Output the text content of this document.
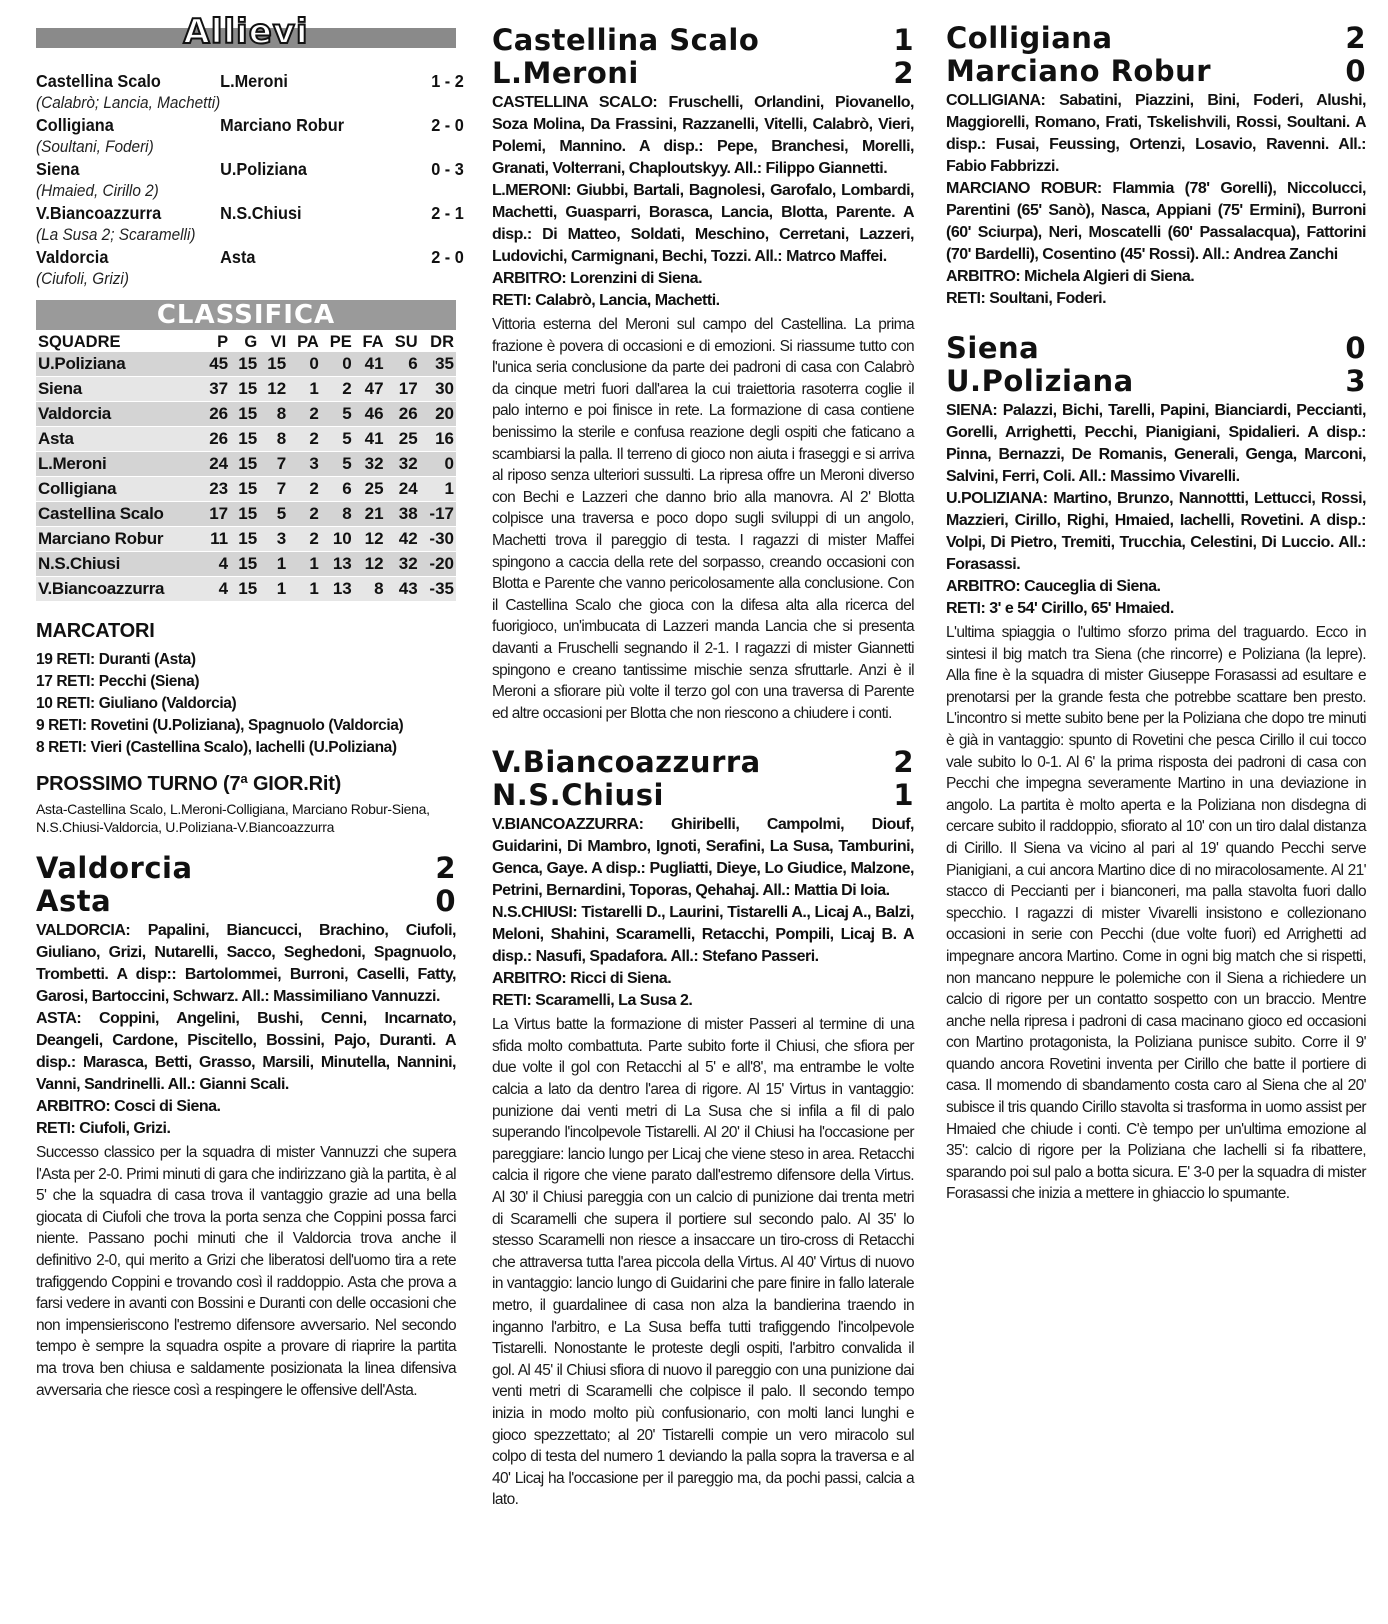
Allievi
Castellina Scalo	L.Meroni	1 - 2
(Calabrò; Lancia, Machetti)
Colligiana	Marciano Robur	2 - 0
(Soultani, Foderi)
Siena	U.Poliziana	0 - 3
(Hmaied, Cirillo 2)
V.Biancoazzurra	N.S.Chiusi	2 - 1
(La Susa 2; Scaramelli)
Valdorcia	Asta	2 - 0
(Ciufoli, Grizi)
CLASSIFICA
SQUADRE	P	G	VI	PA	PE	FA	SU	DR
U.Poliziana	45	15	15	0	0	41	6	35
Siena	37	15	12	1	2	47	17	30
Valdorcia	26	15	8	2	5	46	26	20
Asta	26	15	8	2	5	41	25	16
L.Meroni	24	15	7	3	5	32	32	0
Colligiana	23	15	7	2	6	25	24	1
Castellina Scalo	17	15	5	2	8	21	38	-17
Marciano Robur	11	15	3	2	10	12	42	-30
N.S.Chiusi	4	15	1	1	13	12	32	-20
V.Biancoazzurra	4	15	1	1	13	8	43	-35
MARCATORI
19 RETI: Duranti (Asta)
17 RETI: Pecchi (Siena)
10 RETI: Giuliano (Valdorcia)
9 RETI: Rovetini (U.Poliziana), Spagnuolo (Valdorcia)
8 RETI: Vieri (Castellina Scalo), Iachelli (U.Poliziana)
PROSSIMO TURNO (7ª GIOR.Rit)
Asta-Castellina Scalo, L.Meroni-Colligiana, Marciano Robur-Siena, N.S.Chiusi-Valdorcia, U.Poliziana-V.Biancoazzurra
Valdorcia	2
Asta	0

VALDORCIA: Papalini, Biancucci, Brachino, Ciufoli, Giuliano, Grizi, Nutarelli, Sacco, Seghedoni, Spagnuolo, Trombetti. A disp:: Bartolommei, Burroni, Caselli, Fatty, Garosi, Bartoccini, Schwarz. All.: Massimiliano Vannuzzi.

ASTA: Coppini, Angelini, Bushi, Cenni, Incarnato, Deangeli, Cardone, Piscitello, Bossini, Pajo, Duranti. A disp.: Marasca, Betti, Grasso, Marsili, Minutella, Nannini, Vanni, Sandrinelli. All.: Gianni Scali.

ARBITRO: Cosci di Siena.

RETI: Ciufoli, Grizi.

Successo classico per la squadra di mister Vannuzzi che supera l'Asta per 2-0. Primi minuti di gara che indirizzano già la partita, è al 5' che la squadra di casa trova il vantaggio grazie ad una bella giocata di Ciufoli che trova la porta senza che Coppini possa farci niente. Passano pochi minuti che il Valdorcia trova anche il definitivo 2-0, qui merito a Grizi che liberatosi dell'uomo tira a rete trafiggendo Coppini e trovando così il raddoppio. Asta che prova a farsi vedere in avanti con Bossini e Duranti con delle occasioni che non impensieriscono l'estremo difensore avversario. Nel secondo tempo è sempre la squadra ospite a provare di riaprire la partita ma trova ben chiusa e saldamente posizionata la linea difensiva avversaria che riesce così a respingere le offensive dell'Asta.
Castellina Scalo	1
L.Meroni	2

CASTELLINA SCALO: Fruschelli, Orlandini, Piovanello, Soza Molina, Da Frassini, Razzanelli, Vitelli, Calabrò, Vieri, Polemi, Mannino. A disp.: Pepe, Branchesi, Morelli, Granati, Volterrani, Chaploutskyy. All.: Filippo Giannetti.

L.MERONI: Giubbi, Bartali, Bagnolesi, Garofalo, Lombardi, Machetti, Guasparri, Borasca, Lancia, Blotta, Parente. A disp.: Di Matteo, Soldati, Meschino, Cerretani, Lazzeri, Ludovichi, Carmignani, Bechi, Tozzi. All.: Matrco Maffei.

ARBITRO: Lorenzini di Siena.

RETI: Calabrò, Lancia, Machetti.

Vittoria esterna del Meroni sul campo del Castellina. La prima frazione è povera di occasioni e di emozioni. Si riassume tutto con l'unica seria conclusione da parte dei padroni di casa con Calabrò da cinque metri fuori dall'area la cui traiettoria rasoterra coglie il palo interno e poi finisce in rete. La formazione di casa contiene benissimo la sterile e confusa reazione degli ospiti che faticano a scambiarsi la palla. Il terreno di gioco non aiuta i fraseggi e si arriva al riposo senza ulteriori sussulti. La ripresa offre un Meroni diverso con Bechi e Lazzeri che danno brio alla manovra. Al 2' Blotta colpisce una traversa e poco dopo sugli sviluppi di un angolo, Machetti trova il pareggio di testa. I ragazzi di mister Maffei spingono a caccia della rete del sorpasso, creando occasioni con Blotta e Parente che vanno pericolosamente alla conclusione. Con il Castellina Scalo che gioca con la difesa alta alla ricerca del fuorigioco, un'imbucata di Lazzeri manda Lancia che si presenta davanti a Fruschelli segnando il 2-1. I ragazzi di mister Giannetti spingono e creano tantissime mischie senza sfruttarle. Anzi è il Meroni a sfiorare più volte il terzo gol con una traversa di Parente ed altre occasioni per Blotta che non riescono a chiudere i conti.
V.Biancoazzurra	2
N.S.Chiusi	1

V.BIANCOAZZURRA: Ghiribelli, Campolmi, Diouf, Guidarini, Di Mambro, Ignoti, Serafini, La Susa, Tamburini, Genca, Gaye. A disp.: Pugliatti, Dieye, Lo Giudice, Malzone, Petrini, Bernardini, Toporas, Qehahaj. All.: Mattia Di Ioia.

N.S.CHIUSI: Tistarelli D., Laurini, Tistarelli A., Licaj A., Balzi, Meloni, Shahini, Scaramelli, Retacchi, Pompili, Licaj B. A disp.: Nasufi, Spadafora. All.: Stefano Passeri.

ARBITRO: Ricci di Siena.

RETI: Scaramelli, La Susa 2.

La Virtus batte la formazione di mister Passeri al termine di una sfida molto combattuta. Parte subito forte il Chiusi, che sfiora per due volte il gol con Retacchi al 5' e all'8', ma entrambe le volte calcia a lato da dentro l'area di rigore. Al 15' Virtus in vantaggio: punizione dai venti metri di La Susa che si infila a fil di palo superando l'incolpevole Tistarelli. Al 20' il Chiusi ha l'occasione per pareggiare: lancio lungo per Licaj che viene steso in area. Retacchi calcia il rigore che viene parato dall'estremo difensore della Virtus. Al 30' il Chiusi pareggia con un calcio di punizione dai trenta metri di Scaramelli che supera il portiere sul secondo palo. Al 35' lo stesso Scaramelli non riesce a insaccare un tiro-cross di Retacchi che attraversa tutta l'area piccola della Virtus. Al 40' Virtus di nuovo in vantaggio: lancio lungo di Guidarini che pare finire in fallo laterale metro, il guardalinee di casa non alza la bandierina traendo in inganno l'arbitro, e La Susa beffa tutti trafiggendo l'incolpevole Tistarelli. Nonostante le proteste degli ospiti, l'arbitro convalida il gol. Al 45' il Chiusi sfiora di nuovo il pareggio con una punizione dai venti metri di Scaramelli che colpisce il palo. Il secondo tempo inizia in modo molto più confusionario, con molti lanci lunghi e gioco spezzettato; al 20' Tistarelli compie un vero miracolo sul colpo di testa del numero 1 deviando la palla sopra la traversa e al 40' Licaj ha l'occasione per il pareggio ma, da pochi passi, calcia a lato.
Colligiana	2
Marciano Robur	0

COLLIGIANA: Sabatini, Piazzini, Bini, Foderi, Alushi, Maggiorelli, Romano, Frati, Tskelishvili, Rossi, Soultani. A disp.: Fusai, Feussing, Ortenzi, Losavio, Ravenni. All.: Fabio Fabbrizzi.

MARCIANO ROBUR: Flammia (78' Gorelli), Niccolucci, Parentini (65' Sanò), Nasca, Appiani (75' Ermini), Burroni (60' Sciurpa), Neri, Moscatelli (60' Passalacqua), Fattorini (70' Bardelli), Cosentino (45' Rossi). All.: Andrea Zanchi

ARBITRO: Michela Algieri di Siena.

RETI: Soultani, Foderi.

Siena	0
U.Poliziana	3

SIENA: Palazzi, Bichi, Tarelli, Papini, Bianciardi, Peccianti, Gorelli, Arrighetti, Pecchi, Pianigiani, Spidalieri. A disp.: Pinna, Bernazzi, De Romanis, Generali, Genga, Marconi, Salvini, Ferri, Coli. All.: Massimo Vivarelli.

U.POLIZIANA: Martino, Brunzo, Nannottti, Lettucci, Rossi, Mazzieri, Cirillo, Righi, Hmaied, Iachelli, Rovetini. A disp.: Volpi, Di Pietro, Tremiti, Trucchia, Celestini, Di Luccio. All.: Forasassi.

ARBITRO: Cauceglia di Siena.

RETI: 3' e 54' Cirillo, 65' Hmaied.

L'ultima spiaggia o l'ultimo sforzo prima del traguardo. Ecco in sintesi il big match tra Siena (che rincorre) e Poliziana (la lepre). Alla fine è la squadra di mister Giuseppe Forasassi ad esultare e prenotarsi per la grande festa che potrebbe scattare ben presto. L'incontro si mette subito bene per la Poliziana che dopo tre minuti è già in vantaggio: spunto di Rovetini che pesca Cirillo il cui tocco vale subito lo 0-1. Al 6' la prima risposta dei padroni di casa con Pecchi che impegna severamente Martino in una deviazione in angolo. La partita è molto aperta e la Poliziana non disdegna di cercare subito il raddoppio, sfiorato al 10' con un tiro dalal distanza di Cirillo. Il Siena va vicino al pari al 19' quando Pecchi serve Pianigiani, a cui ancora Martino dice di no miracolosamente. Al 21' stacco di Peccianti per i bianconeri, ma palla stavolta fuori dallo specchio. I ragazzi di mister Vivarelli insistono e collezionano occasioni in serie con Pecchi (due volte fuori) ed Arrighetti ad impegnare ancora Martino. Come in ogni big match che si rispetti, non mancano neppure le polemiche con il Siena a richiedere un calcio di rigore per un contatto sospetto con un braccio. Mentre anche nella ripresa i padroni di casa macinano gioco ed occasioni con Martino protagonista, la Poliziana punisce subito. Corre il 9' quando ancora Rovetini inventa per Cirillo che batte il portiere di casa. Il momendo di sbandamento costa caro al Siena che al 20' subisce il tris quando Cirillo stavolta si trasforma in uomo assist per Hmaied che chiude i conti. C'è tempo per un'ultima emozione al 35': calcio di rigore per la Poliziana che Iachelli si fa ribattere, sparando poi sul palo a botta sicura. E' 3-0 per la squadra di mister Forasassi che inizia a mettere in ghiaccio lo spumante.
